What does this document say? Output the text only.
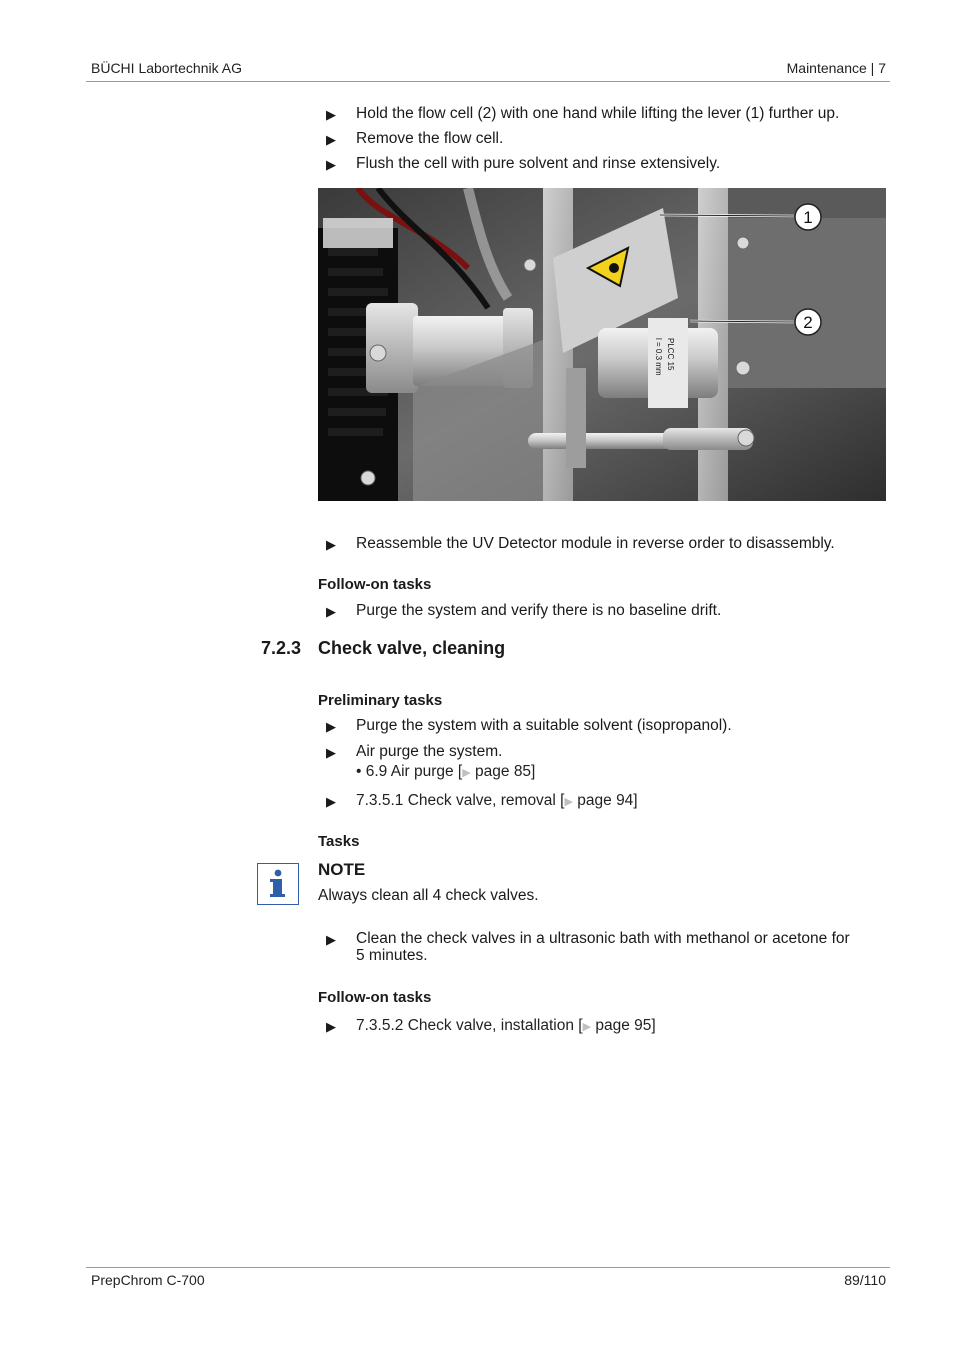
BÜCHI Labortechnik AG	Maintenance | 7
▶ Hold the flow cell (2) with one hand while lifting the lever (1) further up.
▶ Remove the flow cell.
▶ Flush the cell with pure solvent and rinse extensively.
PLCC 15
l = 0.3 mm
1
2
▶ Reassemble the UV Detector module in reverse order to disassembly.
Follow-on tasks
▶ Purge the system and verify there is no baseline drift.
7.2.3 Check valve, cleaning
Preliminary tasks
▶ Purge the system with a suitable solvent (isopropanol).
▶ Air purge the system.
• 6.9 Air purge [▶ page 85]
▶ 7.3.5.1 Check valve, removal [▶ page 94]
Tasks
NOTE
Always clean all 4 check valves.
▶ Clean the check valves in a ultrasonic bath with methanol or acetone for
5 minutes.
Follow-on tasks
▶ 7.3.5.2 Check valve, installation [▶ page 95]
PrepChrom C-700	89/110
